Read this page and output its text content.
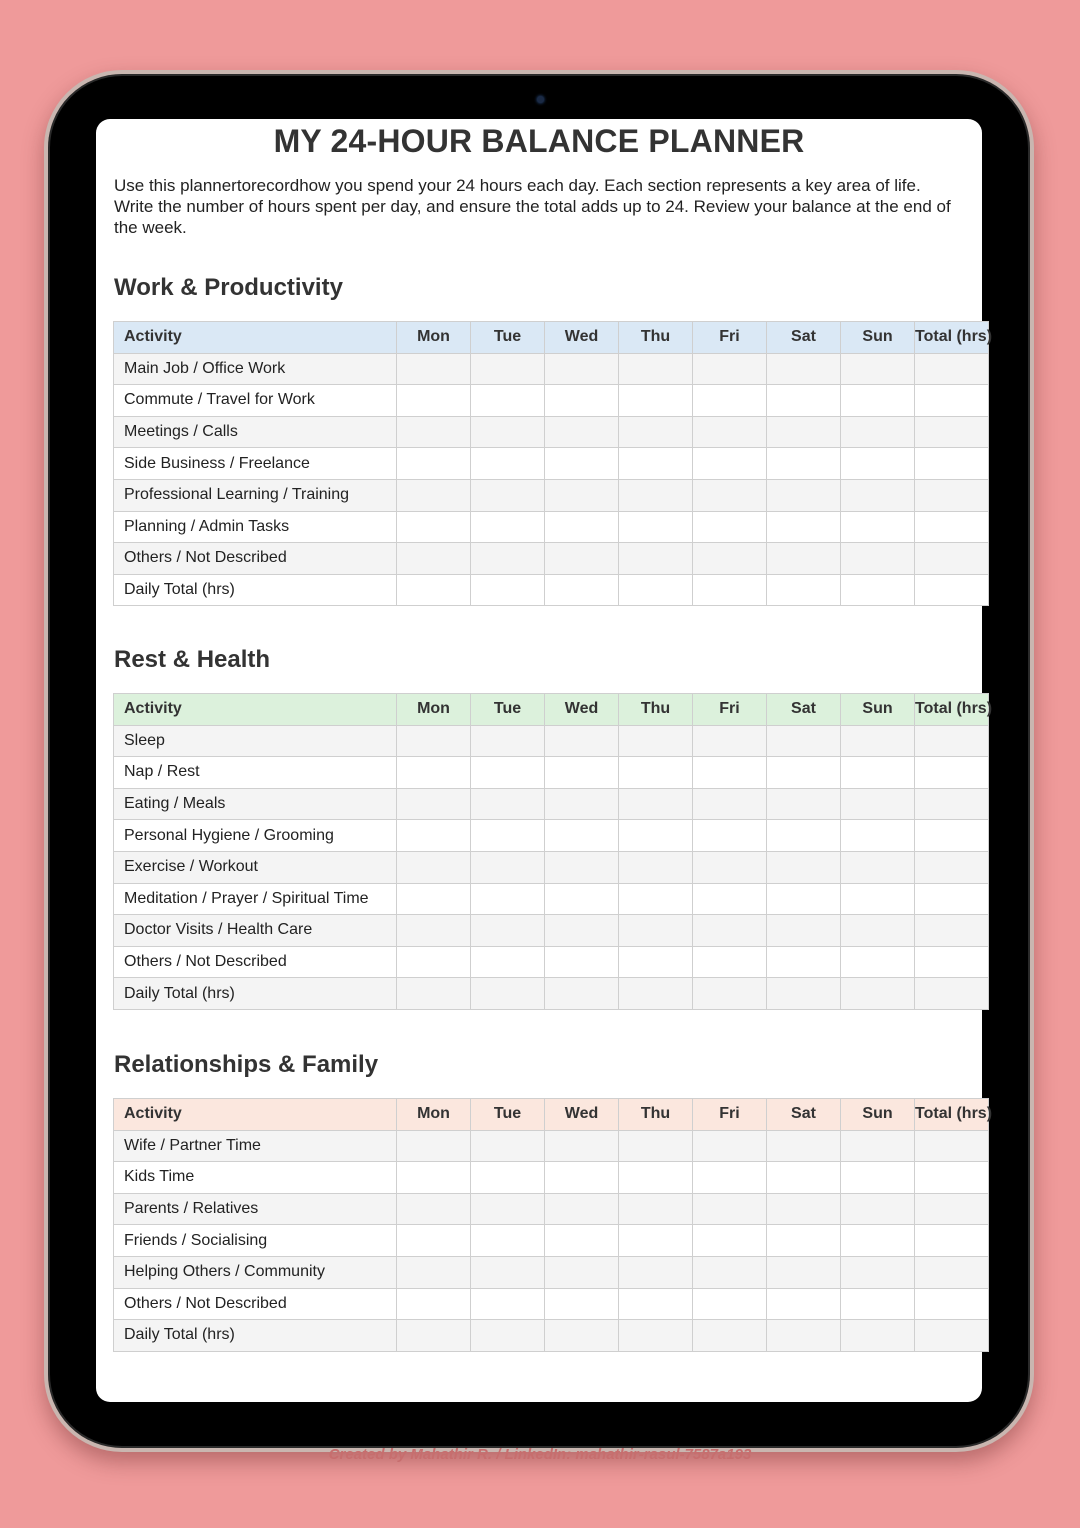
MY 24-HOUR BALANCE PLANNER
Use this plannertorecordhow you spend your 24 hours each day. Each section represents a key area of life. Write the number of hours spent per day, and ensure the total adds up to 24. Review your balance at the end of the week.
Work & Productivity
Activity	Mon	Tue	Wed	Thu	Fri	Sat	Sun	Total (hrs)
Main Job / Office Work								
Commute / Travel for Work								
Meetings / Calls								
Side Business / Freelance								
Professional Learning / Training								
Planning / Admin Tasks								
Others / Not Described								
Daily Total (hrs)								
Rest & Health
Activity	Mon	Tue	Wed	Thu	Fri	Sat	Sun	Total (hrs)
Sleep								
Nap / Rest								
Eating / Meals								
Personal Hygiene / Grooming								
Exercise / Workout								
Meditation / Prayer / Spiritual Time								
Doctor Visits / Health Care								
Others / Not Described								
Daily Total (hrs)								
Relationships & Family
Activity	Mon	Tue	Wed	Thu	Fri	Sat	Sun	Total (hrs)
Wife / Partner Time								
Kids Time								
Parents / Relatives								
Friends / Socialising								
Helping Others / Community								
Others / Not Described								
Daily Total (hrs)								
Created by Mahathir R. / LinkedIn: mahathir-rasul-7587a193
